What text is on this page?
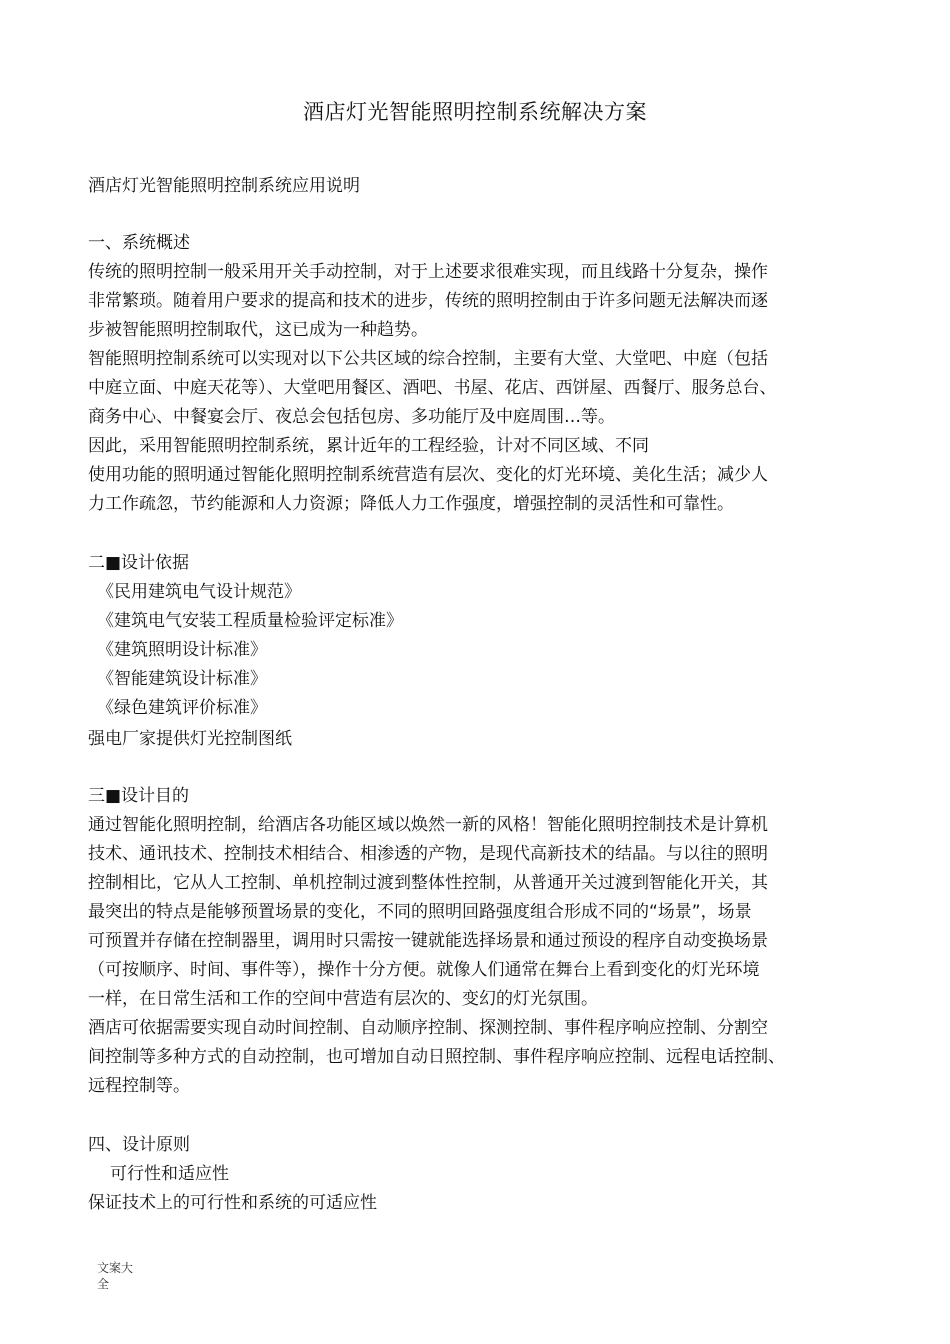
酒店灯光智能照明控制系统解决方案
酒店灯光智能照明控制系统应用说明
一、系统概述
传统的照明控制一般采用开关手动控制，对于上述要求很难实现，而且线路十分复杂，操作
非常繁琐。随着用户要求的提高和技术的进步，传统的照明控制由于许多问题无法解决而逐
步被智能照明控制取代，这已成为一种趋势。
智能照明控制系统可以实现对以下公共区域的综合控制，主要有大堂、大堂吧、中庭（包括
中庭立面、中庭天花等）、大堂吧用餐区、酒吧、书屋、花店、西饼屋、西餐厅、服务总台、
商务中心、中餐宴会厅、夜总会包括包房、多功能厅及中庭周围…等。
因此，采用智能照明控制系统，累计近年的工程经验，计对不同区域、不同
使用功能的照明通过智能化照明控制系统营造有层次、变化的灯光环境、美化生活；减少人
力工作疏忽，节约能源和人力资源；降低人力工作强度，增强控制的灵活性和可靠性。
二■设计依据
《民用建筑电气设计规范》
《建筑电气安装工程质量检验评定标准》
《建筑照明设计标准》
《智能建筑设计标准》
《绿色建筑评价标准》
强电厂家提供灯光控制图纸
三■设计目的
通过智能化照明控制，给酒店各功能区域以焕然一新的风格！智能化照明控制技术是计算机
技术、通讯技术、控制技术相结合、相渗透的产物，是现代高新技术的结晶。与以往的照明
控制相比，它从人工控制、单机控制过渡到整体性控制，从普通开关过渡到智能化开关，其
最突出的特点是能够预置场景的变化，不同的照明回路强度组合形成不同的“场景”，场景
可预置并存储在控制器里，调用时只需按一键就能选择场景和通过预设的程序自动变换场景
（可按顺序、时间、事件等），操作十分方便。就像人们通常在舞台上看到变化的灯光环境
一样，在日常生活和工作的空间中营造有层次的、变幻的灯光氛围。
酒店可依据需要实现自动时间控制、自动顺序控制、探测控制、事件程序响应控制、分割空
间控制等多种方式的自动控制，也可增加自动日照控制、事件程序响应控制、远程电话控制、
远程控制等。
四、设计原则
可行性和适应性
保证技术上的可行性和系统的可适应性
文案大全
